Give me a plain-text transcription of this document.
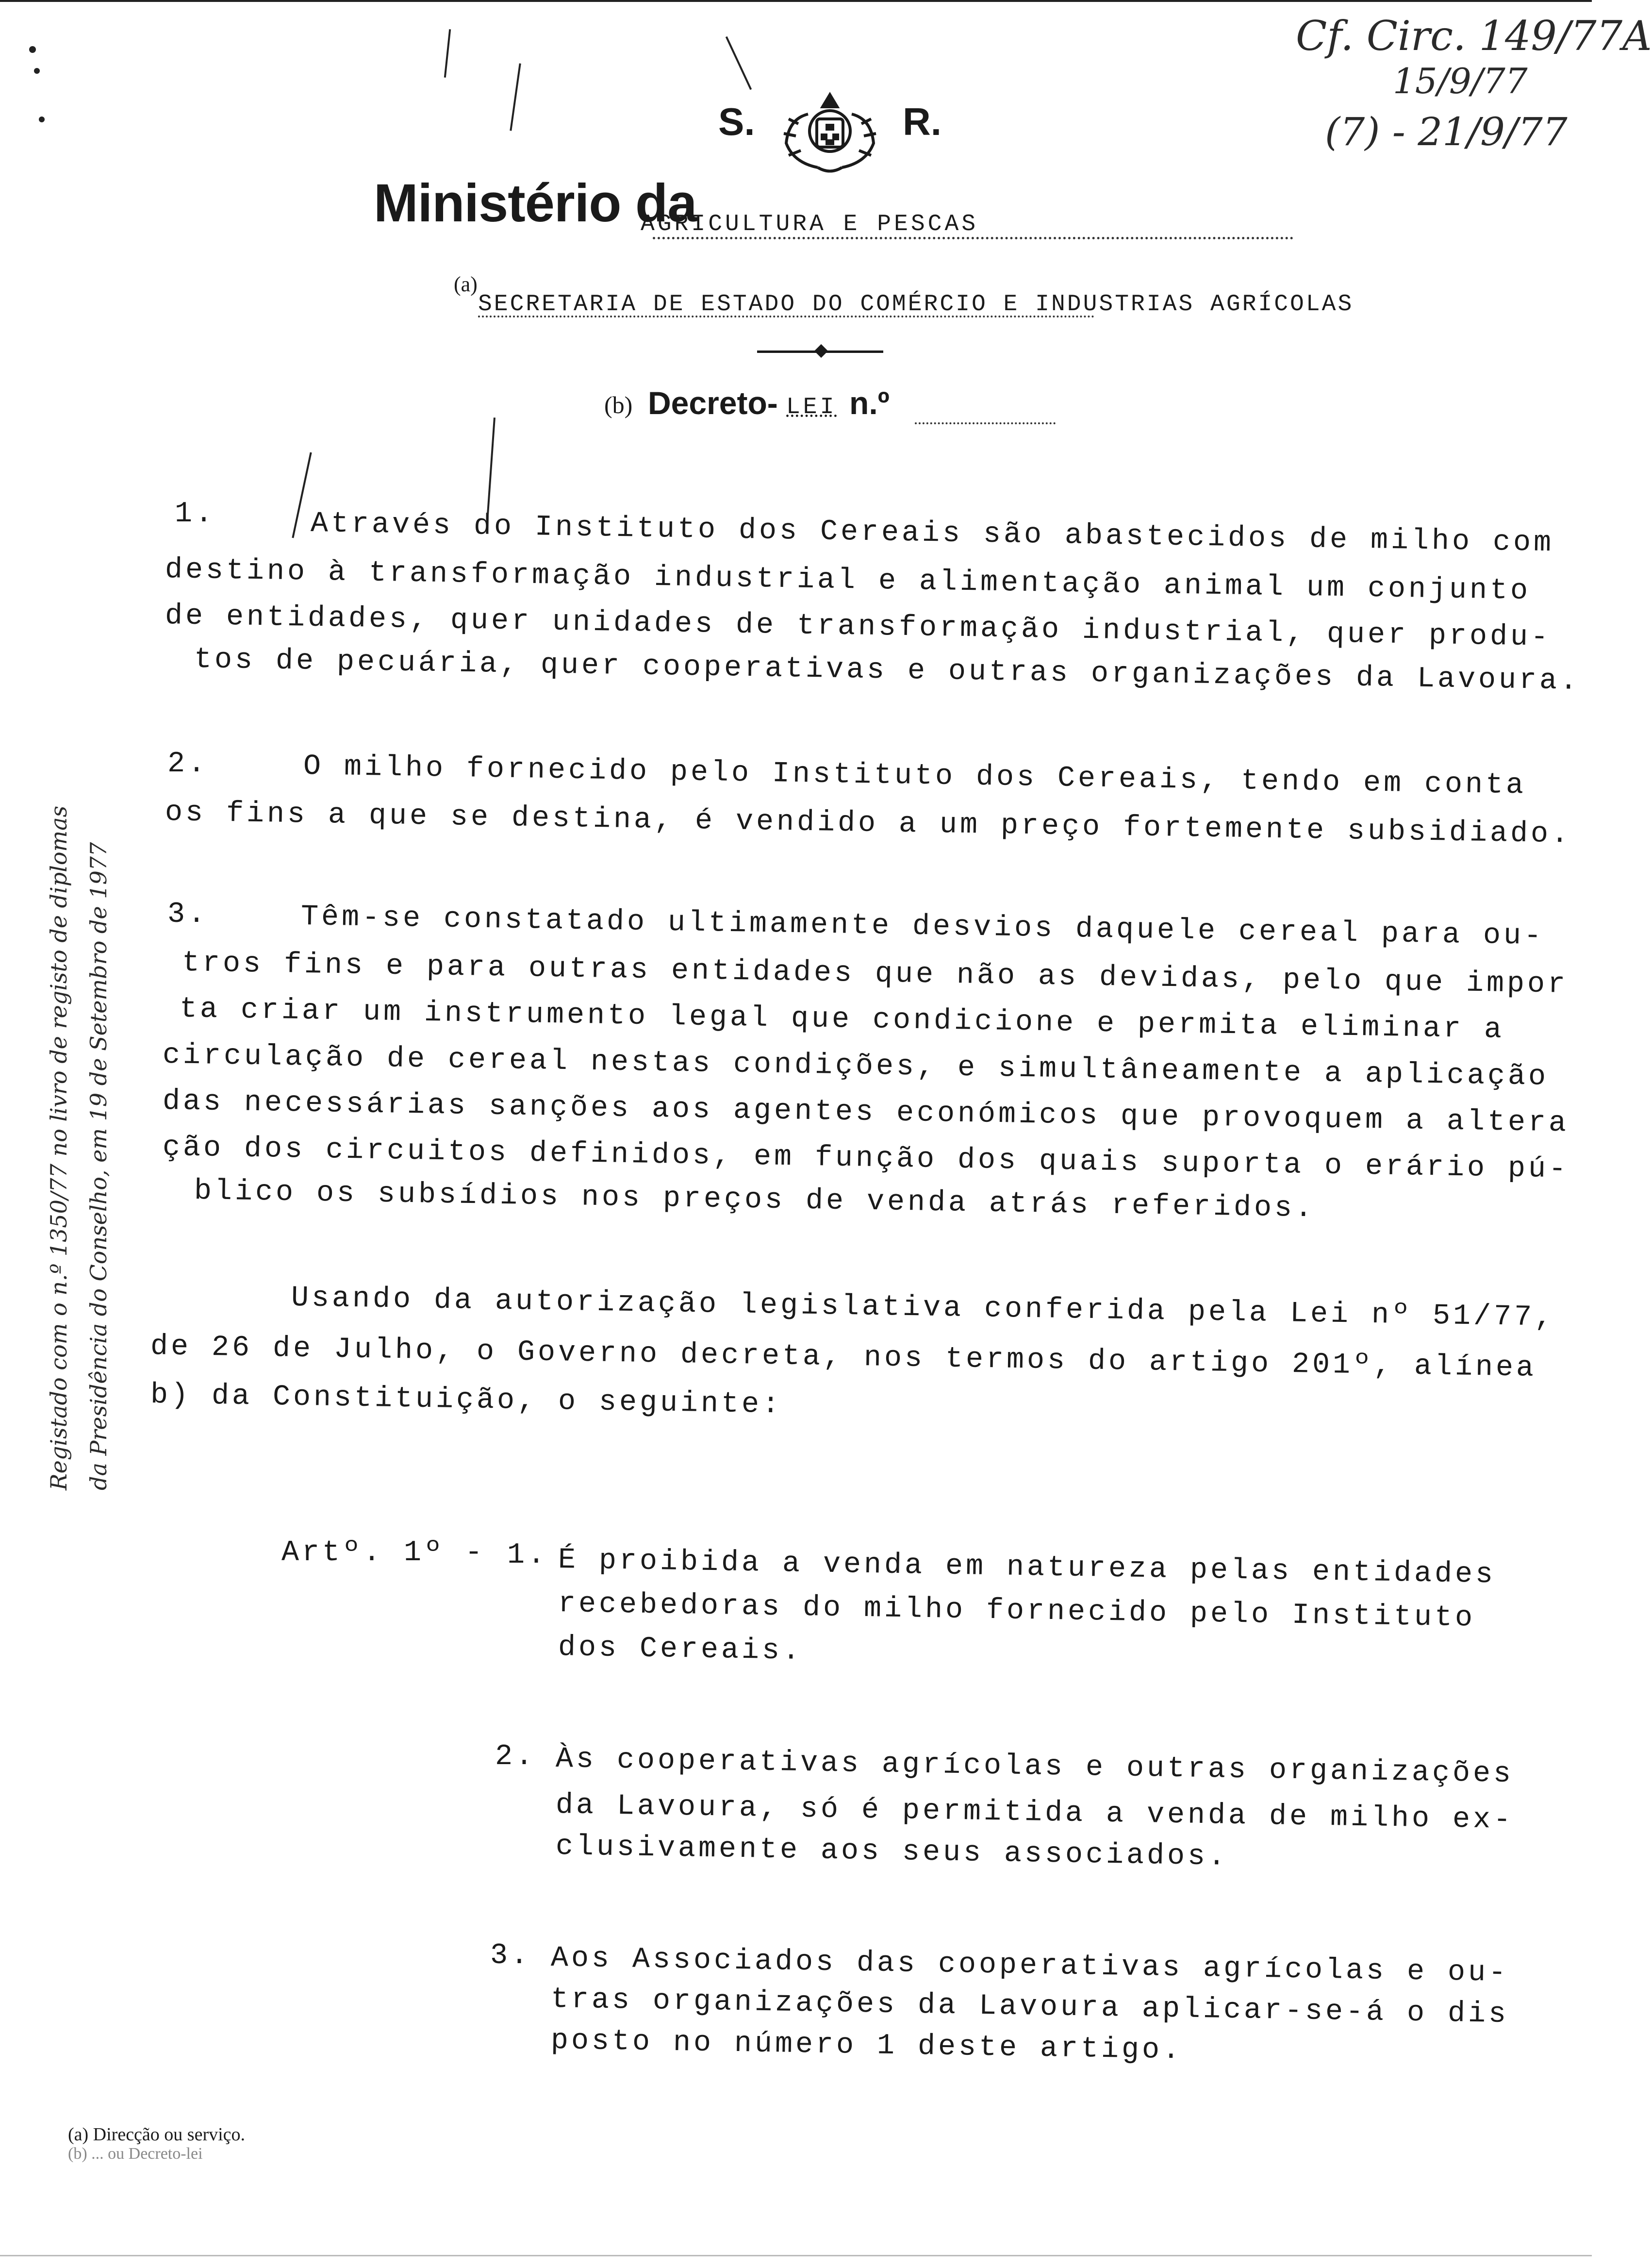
S.	R.
Ministério da
AGRICULTURA E PESCAS
(a)
SECRETARIA DE ESTADO DO COMÉRCIO E INDUSTRIAS AGRÍCOLAS
(b) Decreto- LEI n.º
1.	Através do Instituto dos Cereais são abastecidos de milho com
destino à transformação industrial e alimentação animal um conjunto
de entidades, quer unidades de transformação industrial, quer produ-
tos de pecuária, quer cooperativas e outras organizações da Lavoura.
2.	O milho fornecido pelo Instituto dos Cereais, tendo em conta
os fins a que se destina, é vendido a um preço fortemente subsidiado.
3.	Têm-se constatado ultimamente desvios daquele cereal para ou-
tros fins e para outras entidades que não as devidas, pelo que impor
ta criar um instrumento legal que condicione e permita eliminar a
circulação de cereal nestas condições, e simultâneamente a aplicação
das necessárias sanções aos agentes económicos que provoquem a altera
ção dos circuitos definidos, em função dos quais suporta o erário pú-
blico os subsídios nos preços de venda atrás referidos.
Usando da autorização legislativa conferida pela Lei nº 51/77,
de 26 de Julho, o Governo decreta, nos termos do artigo 201º, alínea
b) da Constituição, o seguinte:
Artº. 1º - 1. É proibida a venda em natureza pelas entidades
recebedoras do milho fornecido pelo Instituto
dos Cereais.
2. Às cooperativas agrícolas e outras organizações
da Lavoura, só é permitida a venda de milho ex-
clusivamente aos seus associados.
3. Aos Associados das cooperativas agrícolas e ou-
tras organizações da Lavoura aplicar-se-á o dis
posto no número 1 deste artigo.
Registado com o n.º 1350/77 no livro de registo de diplomas da Presidência do Conselho, em 19 de Setembro de 1977
Cf. Circ. 149/77A
15/9/77
(7) - 21/9/77
(a) Direcção ou serviço.
(b) ... ou Decreto-lei
